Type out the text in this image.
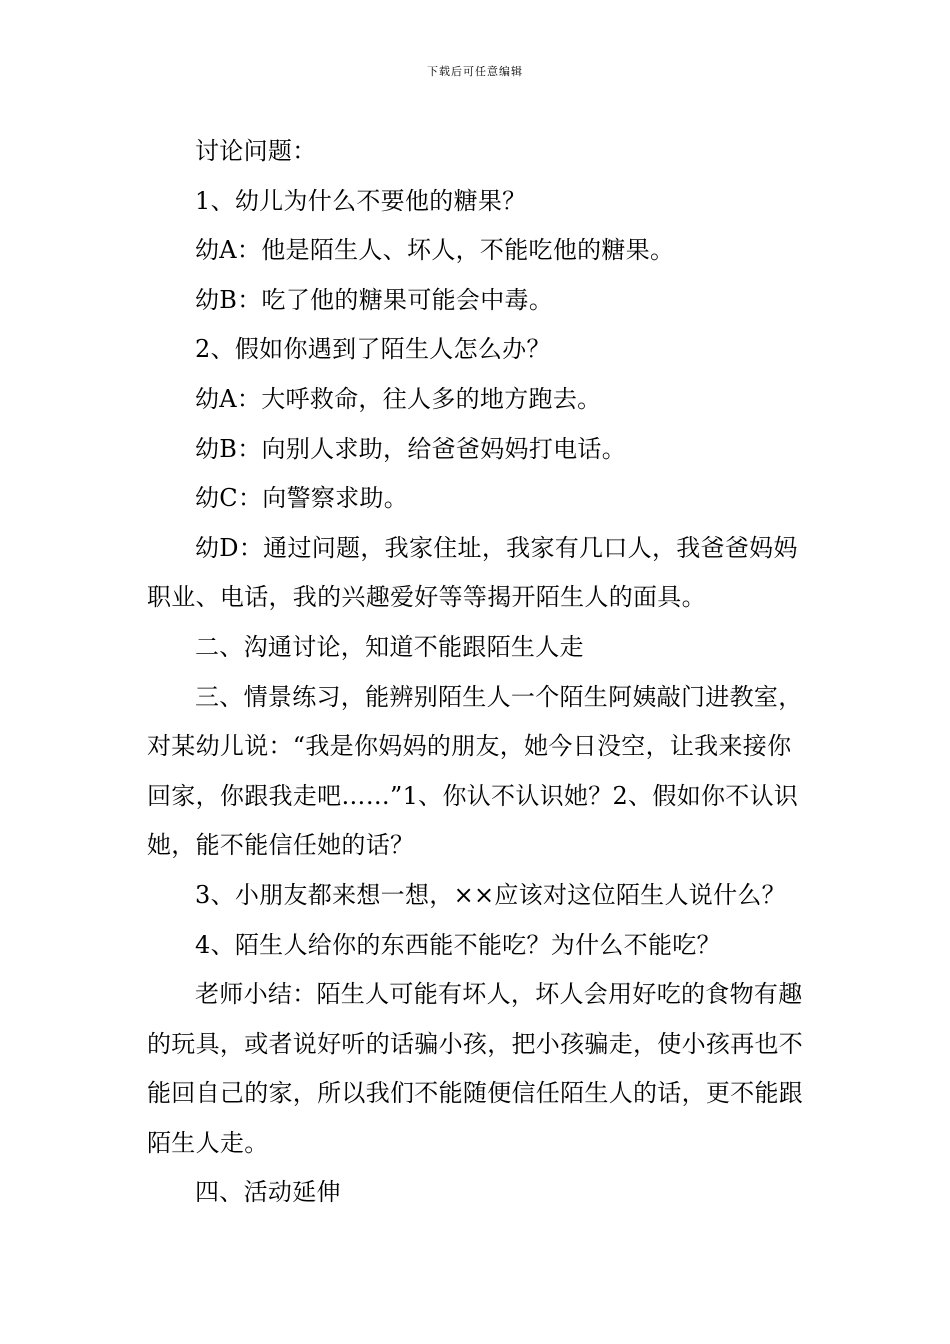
下载后可任意编辑

讨论问题：

1、幼儿为什么不要他的糖果？

幼A：他是陌生人、坏人，不能吃他的糖果。

幼B：吃了他的糖果可能会中毒。

2、假如你遇到了陌生人怎么办？

幼A：大呼救命，往人多的地方跑去。

幼B：向别人求助，给爸爸妈妈打电话。

幼C：向警察求助。

幼D：通过问题，我家住址，我家有几口人，我爸爸妈妈职业、电话，我的兴趣爱好等等揭开陌生人的面具。

二、沟通讨论，知道不能跟陌生人走

三、情景练习，能辨别陌生人一个陌生阿姨敲门进教室，对某幼儿说：“我是你妈妈的朋友，她今日没空，让我来接你回家，你跟我走吧……”1、你认不认识她？2、假如你不认识她，能不能信任她的话？

3、小朋友都来想一想，××应该对这位陌生人说什么？

4、陌生人给你的东西能不能吃？为什么不能吃？

老师小结：陌生人可能有坏人，坏人会用好吃的食物有趣的玩具，或者说好听的话骗小孩，把小孩骗走，使小孩再也不能回自己的家，所以我们不能随便信任陌生人的话，更不能跟陌生人走。

四、活动延伸
